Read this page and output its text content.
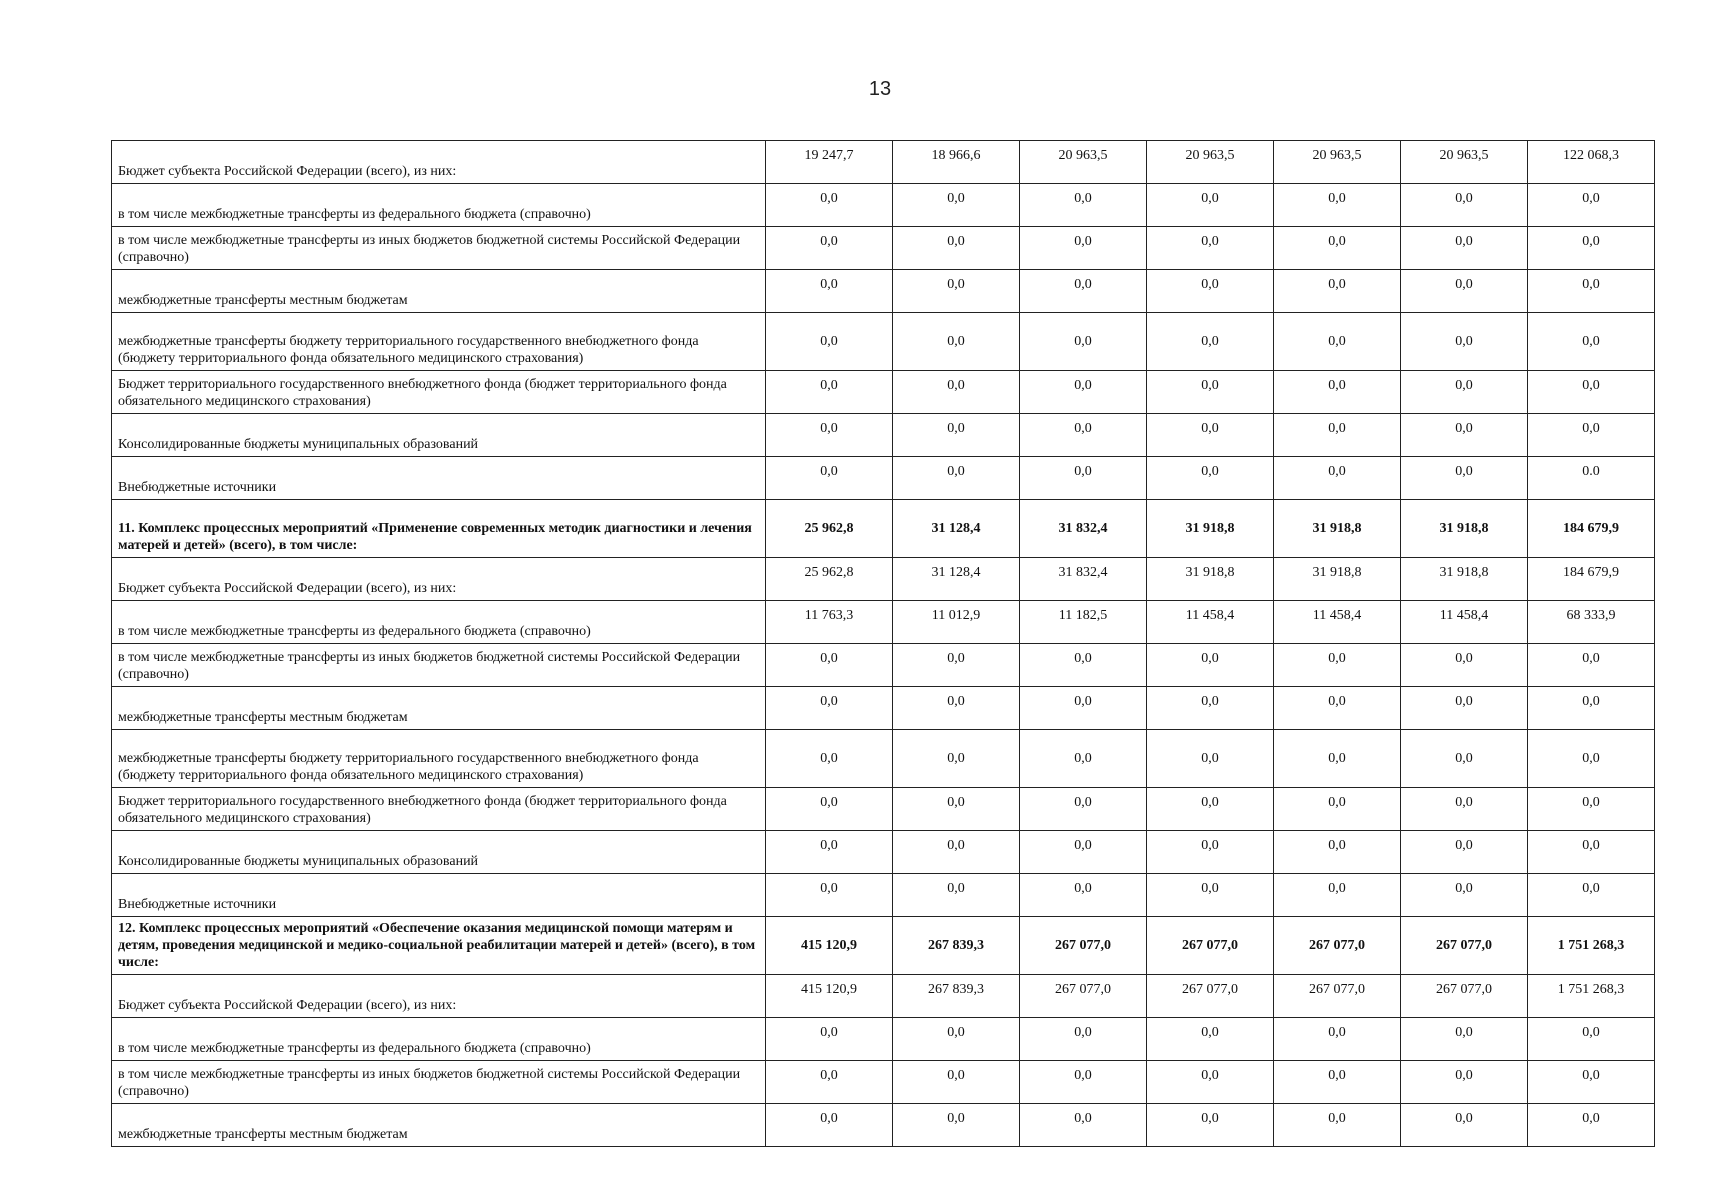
13
Бюджет субъекта Российской Федерации (всего), из них:	19 247,7	18 966,6	20 963,5	20 963,5	20 963,5	20 963,5	122 068,3
в том числе межбюджетные трансферты из федерального бюджета (справочно)	0,0	0,0	0,0	0,0	0,0	0,0	0,0
в том числе межбюджетные трансферты из иных бюджетов бюджетной системы Российской Федерации (справочно)	0,0	0,0	0,0	0,0	0,0	0,0	0,0
межбюджетные трансферты местным бюджетам	0,0	0,0	0,0	0,0	0,0	0,0	0,0
межбюджетные трансферты бюджету территориального государственного внебюджетного фонда (бюджету территориального фонда обязательного медицинского страхования)	0,0	0,0	0,0	0,0	0,0	0,0	0,0
Бюджет территориального государственного внебюджетного фонда (бюджет территориального фонда обязательного медицинского страхования)	0,0	0,0	0,0	0,0	0,0	0,0	0,0
Консолидированные бюджеты муниципальных образований	0,0	0,0	0,0	0,0	0,0	0,0	0,0
Внебюджетные источники	0,0	0,0	0,0	0,0	0,0	0,0	0.0
11. Комплекс процессных мероприятий «Применение современных методик диагностики и лечения матерей и детей» (всего), в том числе:	25 962,8	31 128,4	31 832,4	31 918,8	31 918,8	31 918,8	184 679,9
Бюджет субъекта Российской Федерации (всего), из них:	25 962,8	31 128,4	31 832,4	31 918,8	31 918,8	31 918,8	184 679,9
в том числе межбюджетные трансферты из федерального бюджета (справочно)	11 763,3	11 012,9	11 182,5	11 458,4	11 458,4	11 458,4	68 333,9
в том числе межбюджетные трансферты из иных бюджетов бюджетной системы Российской Федерации (справочно)	0,0	0,0	0,0	0,0	0,0	0,0	0,0
межбюджетные трансферты местным бюджетам	0,0	0,0	0,0	0,0	0,0	0,0	0,0
межбюджетные трансферты бюджету территориального государственного внебюджетного фонда (бюджету территориального фонда обязательного медицинского страхования)	0,0	0,0	0,0	0,0	0,0	0,0	0,0
Бюджет территориального государственного внебюджетного фонда (бюджет территориального фонда обязательного медицинского страхования)	0,0	0,0	0,0	0,0	0,0	0,0	0,0
Консолидированные бюджеты муниципальных образований	0,0	0,0	0,0	0,0	0,0	0,0	0,0
Внебюджетные источники	0,0	0,0	0,0	0,0	0,0	0,0	0,0
12. Комплекс процессных мероприятий «Обеспечение оказания медицинской помощи матерям и детям, проведения медицинской и медико-социальной реабилитации матерей и детей» (всего), в том числе:	415 120,9	267 839,3	267 077,0	267 077,0	267 077,0	267 077,0	1 751 268,3
Бюджет субъекта Российской Федерации (всего), из них:	415 120,9	267 839,3	267 077,0	267 077,0	267 077,0	267 077,0	1 751 268,3
в том числе межбюджетные трансферты из федерального бюджета (справочно)	0,0	0,0	0,0	0,0	0,0	0,0	0,0
в том числе межбюджетные трансферты из иных бюджетов бюджетной системы Российской Федерации (справочно)	0,0	0,0	0,0	0,0	0,0	0,0	0,0
межбюджетные трансферты местным бюджетам	0,0	0,0	0,0	0,0	0,0	0,0	0,0
